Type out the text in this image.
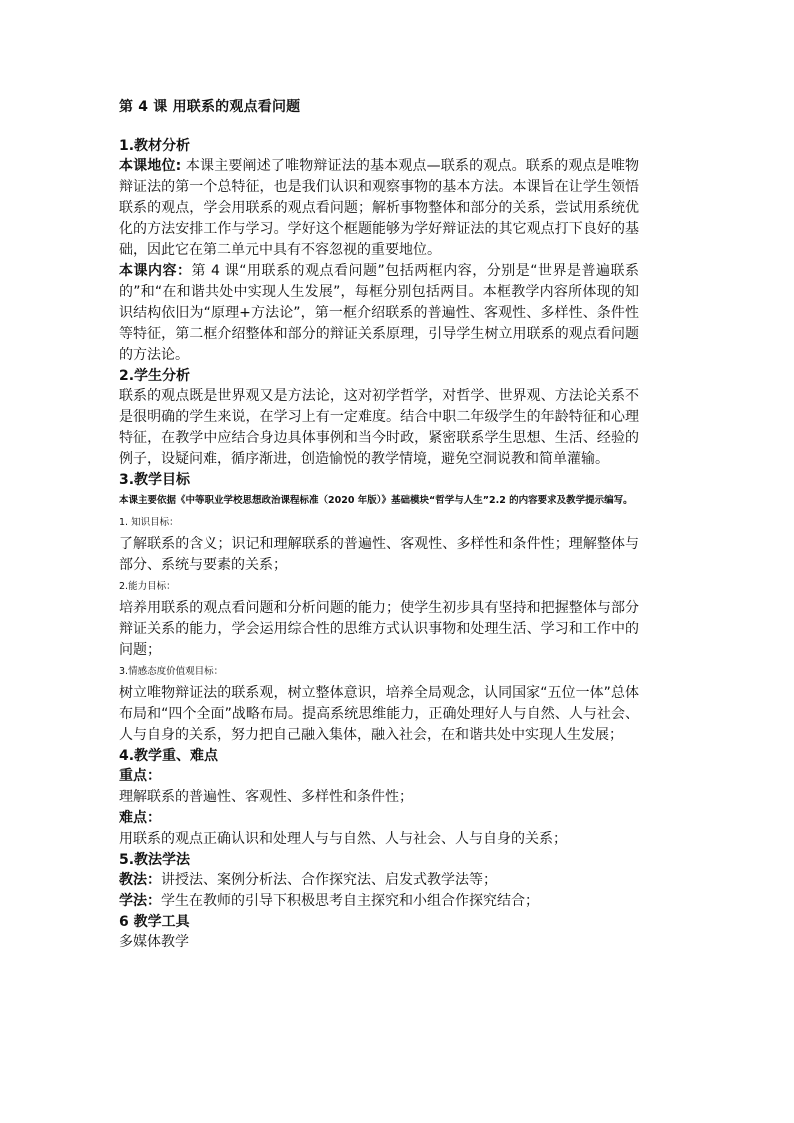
第 4 课 用联系的观点看问题

1.教材分析

本课地位: 本课主要阐述了唯物辩证法的基本观点—联系的观点。联系的观点是唯物辩证法的第一个总特征，也是我们认识和观察事物的基本方法。本课旨在让学生领悟联系的观点，学会用联系的观点看问题；解析事物整体和部分的关系，尝试用系统优化的方法安排工作与学习。学好这个框题能够为学好辩证法的其它观点打下良好的基础，因此它在第二单元中具有不容忽视的重要地位。

本课内容：第 4 课“用联系的观点看问题”包括两框内容，分别是“世界是普遍联系的”和“在和谐共处中实现人生发展”，每框分别包括两目。本框教学内容所体现的知识结构依旧为“原理+方法论”，第一框介绍联系的普遍性、客观性、多样性、条件性等特征，第二框介绍整体和部分的辩证关系原理，引导学生树立用联系的观点看问题的方法论。

2.学生分析

联系的观点既是世界观又是方法论，这对初学哲学，对哲学、世界观、方法论关系不是很明确的学生来说，在学习上有一定难度。结合中职二年级学生的年龄特征和心理特征，在教学中应结合身边具体事例和当今时政，紧密联系学生思想、生活、经验的例子，设疑问难，循序渐进，创造愉悦的教学情境，避免空洞说教和简单灌输。

3.教学目标

本课主要依据《中等职业学校思想政治课程标准（2020 年版）》基础模块“哲学与人生”2.2 的内容要求及教学提示编写。

1. 知识目标：

了解联系的含义；识记和理解联系的普遍性、客观性、多样性和条件性；理解整体与部分、系统与要素的关系；

2.能力目标：

培养用联系的观点看问题和分析问题的能力；使学生初步具有坚持和把握整体与部分辩证关系的能力，学会运用综合性的思维方式认识事物和处理生活、学习和工作中的问题；

3.情感态度价值观目标：

树立唯物辩证法的联系观，树立整体意识，培养全局观念，认同国家“五位一体”总体布局和“四个全面”战略布局。提高系统思维能力，正确处理好人与自然、人与社会、人与自身的关系，努力把自己融入集体，融入社会，在和谐共处中实现人生发展；

4.教学重、难点

重点：

理解联系的普遍性、客观性、多样性和条件性；

难点：

用联系的观点正确认识和处理人与与自然、人与社会、人与自身的关系；

5.教法学法

教法：讲授法、案例分析法、合作探究法、启发式教学法等；

学法：学生在教师的引导下积极思考自主探究和小组合作探究结合；

6 教学工具

多媒体教学
